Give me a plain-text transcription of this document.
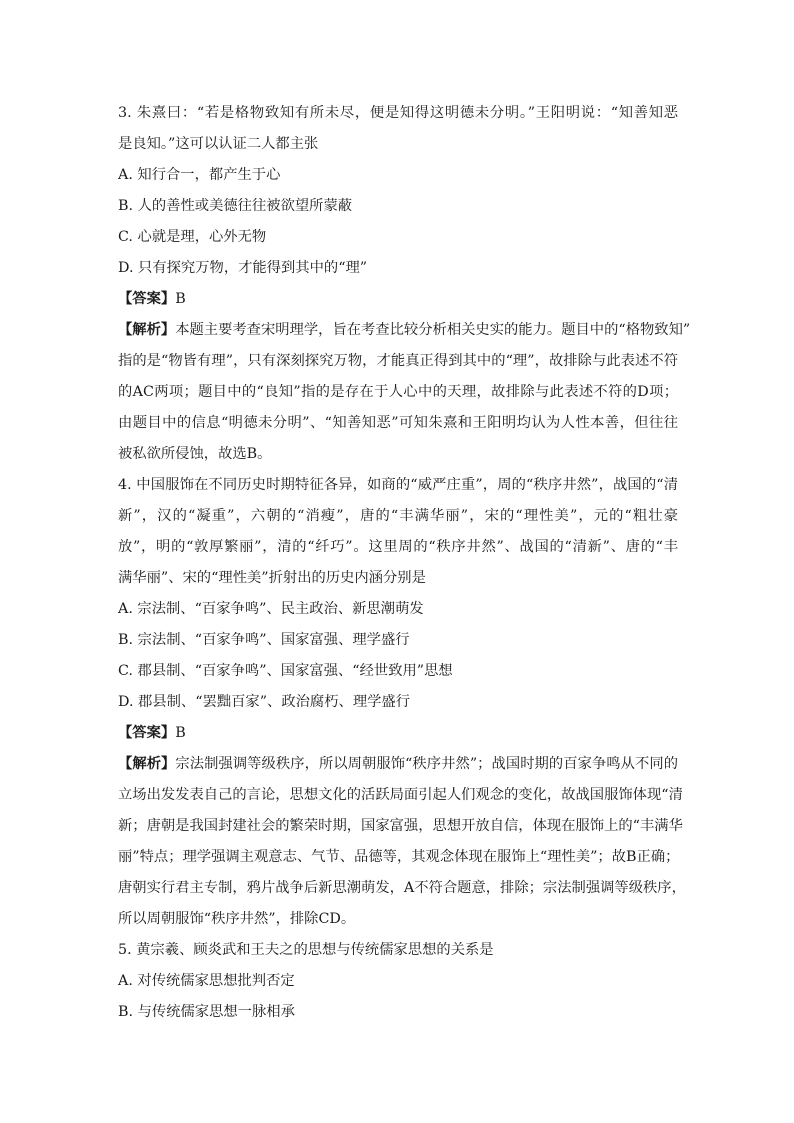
3. 朱熹曰：“若是格物致知有所未尽，便是知得这明德未分明。”王阳明说：“知善知恶
是良知。”这可以认证二人都主张
A. 知行合一，都产生于心
B. 人的善性或美德往往被欲望所蒙蔽
C. 心就是理，心外无物
D. 只有探究万物，才能得到其中的“理”
【答案】B
【解析】本题主要考查宋明理学，旨在考查比较分析相关史实的能力。题目中的“格物致知”
指的是“物皆有理”，只有深刻探究万物，才能真正得到其中的“理”，故排除与此表述不符
的AC两项；题目中的“良知”指的是存在于人心中的天理，故排除与此表述不符的D项；
由题目中的信息“明德未分明”、“知善知恶”可知朱熹和王阳明均认为人性本善，但往往
被私欲所侵蚀，故选B。
4. 中国服饰在不同历史时期特征各异，如商的“威严庄重”，周的“秩序井然”，战国的“清
新”，汉的“凝重”，六朝的“消瘦”，唐的“丰满华丽”，宋的“理性美”，元的“粗壮豪
放”，明的“敦厚繁丽”，清的“纤巧”。这里周的“秩序井然”、战国的“清新”、唐的“丰
满华丽”、宋的“理性美”折射出的历史内涵分别是
A. 宗法制、“百家争鸣”、民主政治、新思潮萌发
B. 宗法制、“百家争鸣”、国家富强、理学盛行
C. 郡县制、“百家争鸣”、国家富强、“经世致用”思想
D. 郡县制、“罢黜百家”、政治腐朽、理学盛行
【答案】B
【解析】宗法制强调等级秩序，所以周朝服饰“秩序井然”；战国时期的百家争鸣从不同的
立场出发发表自己的言论，思想文化的活跃局面引起人们观念的变化，故战国服饰体现“清
新；唐朝是我国封建社会的繁荣时期，国家富强，思想开放自信，体现在服饰上的“丰满华
丽”特点；理学强调主观意志、气节、品德等，其观念体现在服饰上“理性美”；故B正确；
唐朝实行君主专制，鸦片战争后新思潮萌发，A不符合题意，排除；宗法制强调等级秩序，
所以周朝服饰“秩序井然”，排除CD。
5. 黄宗羲、顾炎武和王夫之的思想与传统儒家思想的关系是
A. 对传统儒家思想批判否定
B. 与传统儒家思想一脉相承
